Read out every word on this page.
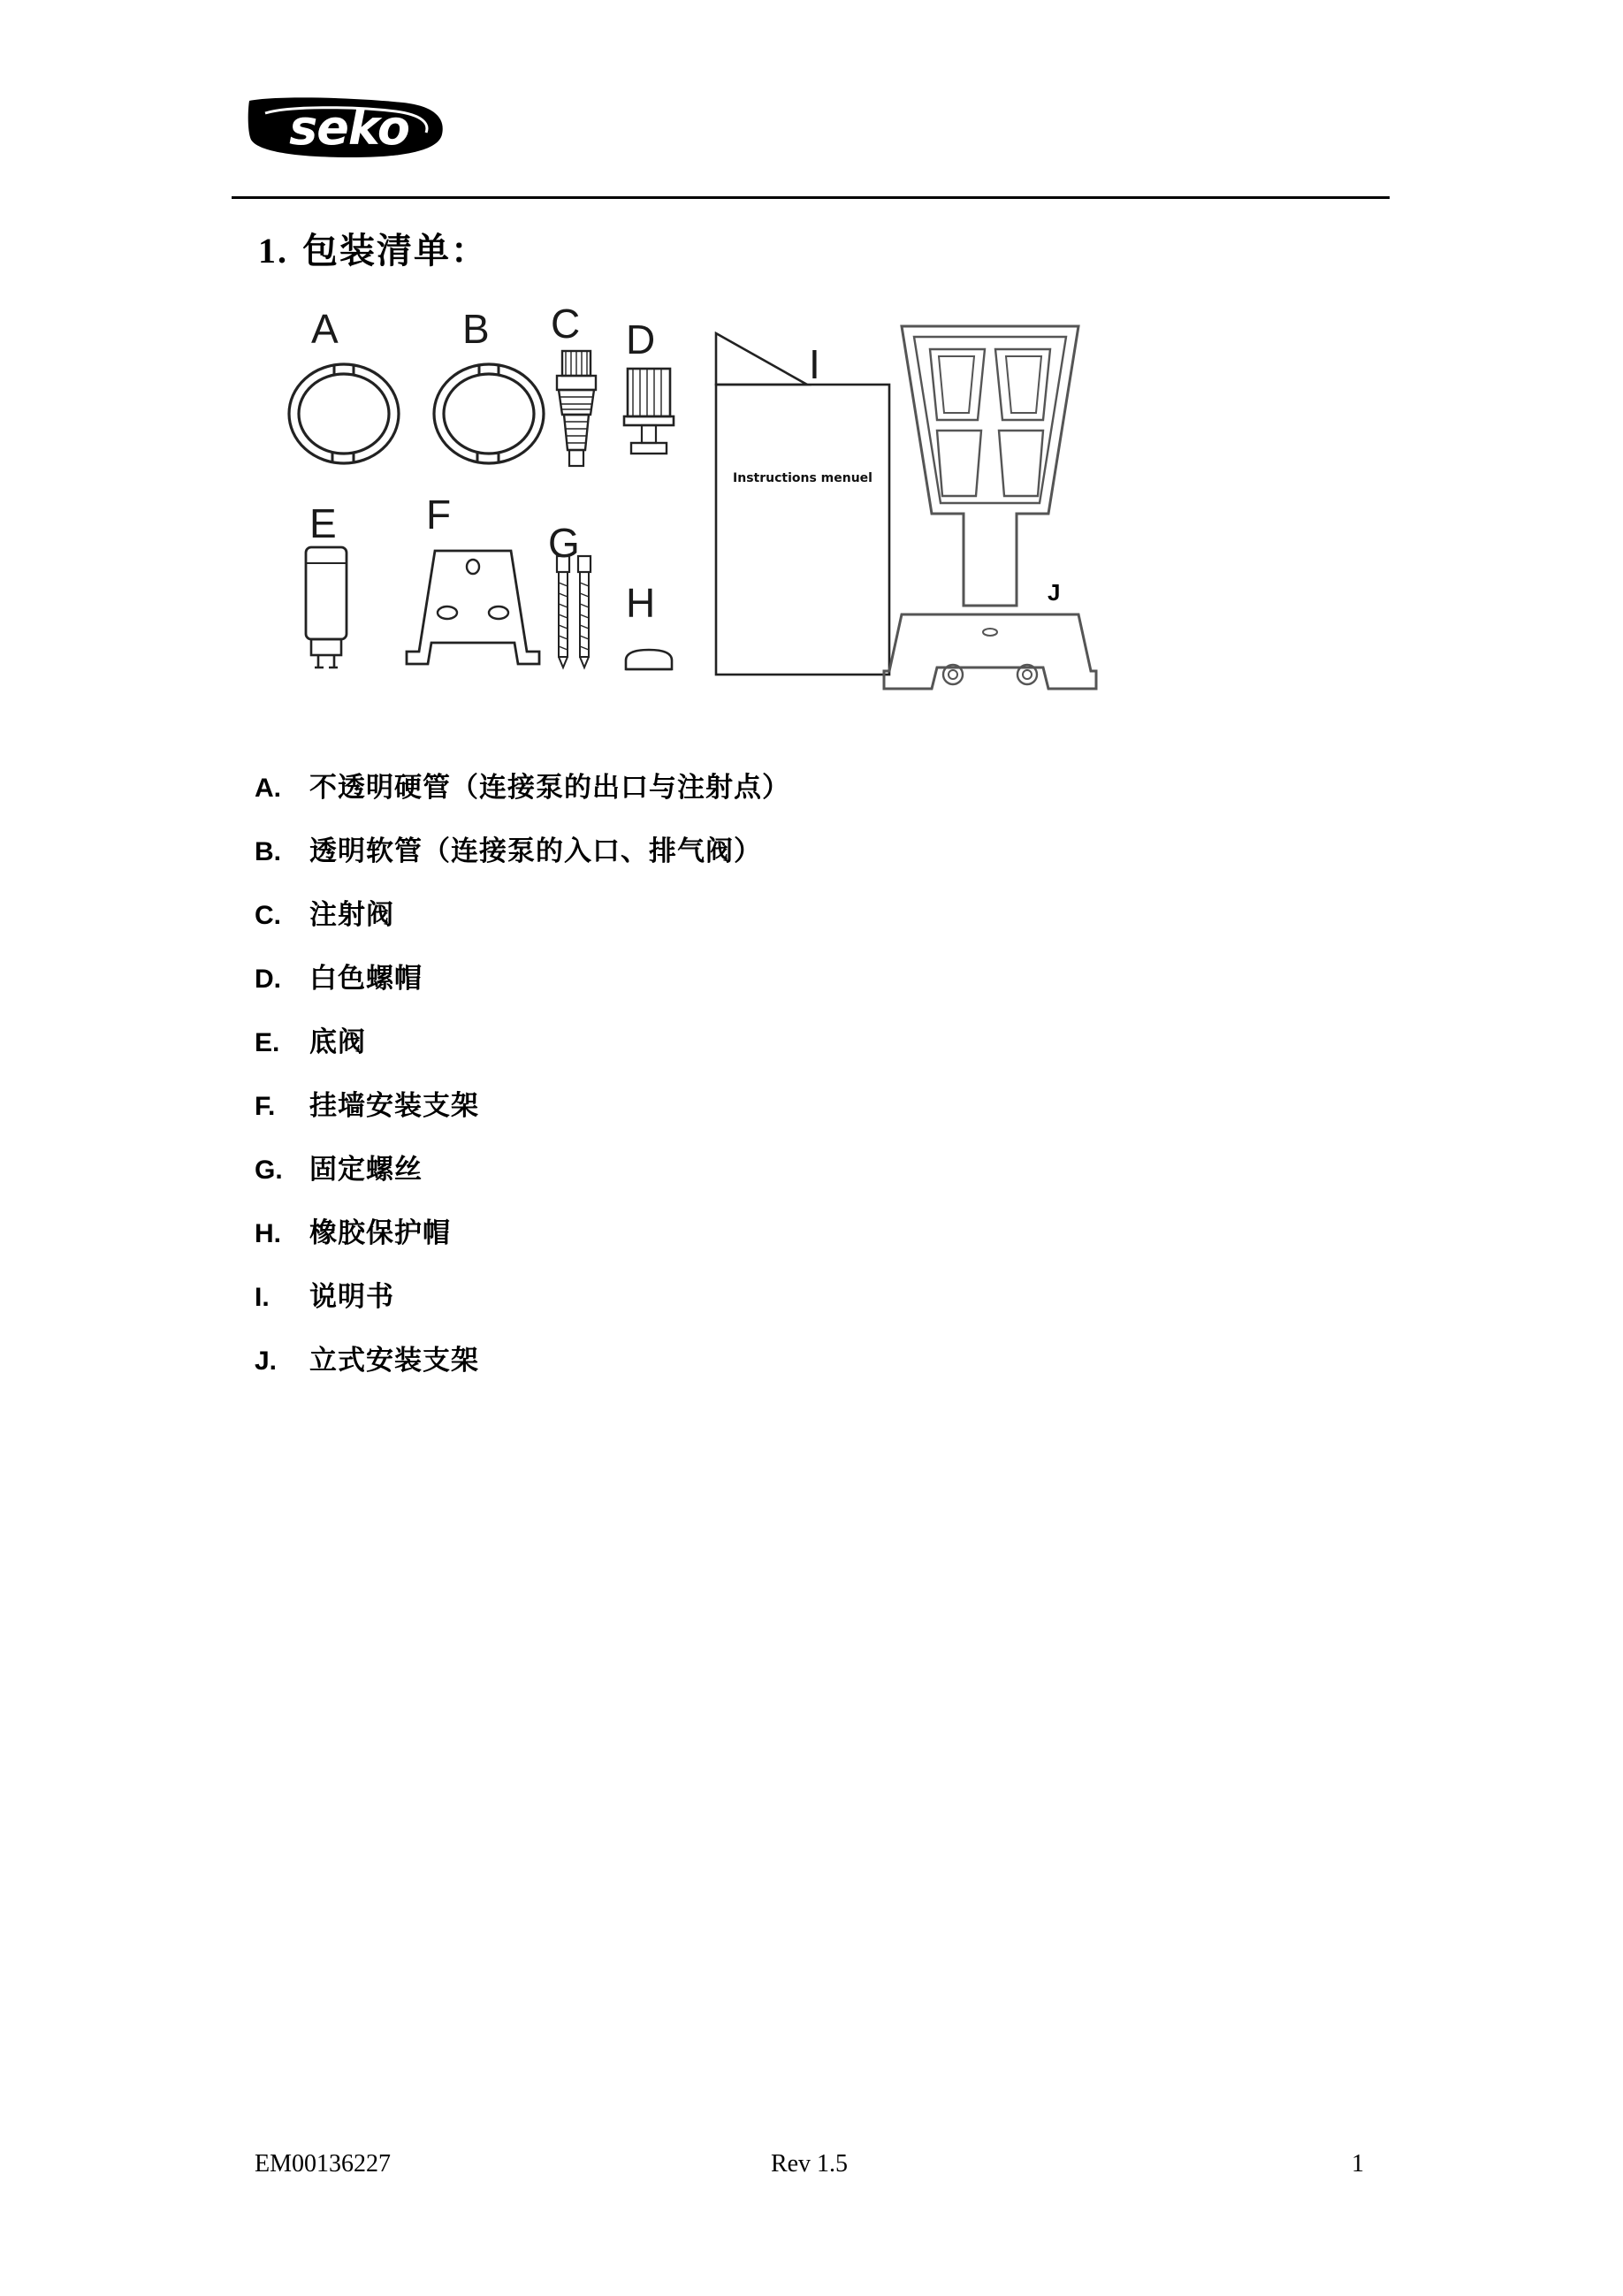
seko
1. 包装清单：
A	B C D
I
E F
G
H
Instructions menuel
J
A.	不透明硬管（连接泵的出口与注射点）
B.	透明软管（连接泵的入口、排气阀）
C.	注射阀
D.	白色螺帽
E.	底阀
F.	挂墙安装支架
G. 固定螺丝
H.	橡胶保护帽
I.	说明书
J.	立式安装支架
EM00136227	Rev 1.5	1
